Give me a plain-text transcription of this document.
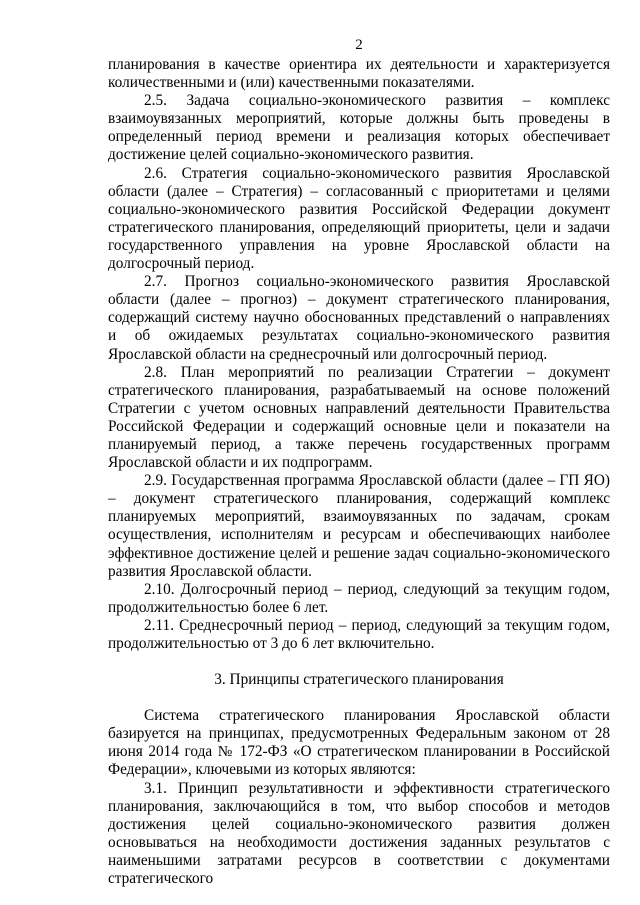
2

планирования в качестве ориентира их деятельности и характеризуется количественными и (или) качественными показателями.

2.5. Задача социально-экономического развития – комплекс взаимоувязанных мероприятий, которые должны быть проведены в определенный период времени и реализация которых обеспечивает достижение целей социально-экономического развития.

2.6. Стратегия социально-экономического развития Ярославской области (далее – Стратегия) – согласованный с приоритетами и целями социально-экономического развития Российской Федерации документ стратегического планирования, определяющий приоритеты, цели и задачи государственного управления на уровне Ярославской области на долгосрочный период.

2.7. Прогноз социально-экономического развития Ярославской области (далее – прогноз) – документ стратегического планирования, содержащий систему научно обоснованных представлений о направлениях и об ожидаемых результатах социально-экономического развития Ярославской области на среднесрочный или долгосрочный период.

2.8. План мероприятий по реализации Стратегии – документ стратегического планирования, разрабатываемый на основе положений Стратегии с учетом основных направлений деятельности Правительства Российской Федерации и содержащий основные цели и показатели на планируемый период, а также перечень государственных программ Ярославской области и их подпрограмм.

2.9. Государственная программа Ярославской области (далее – ГП ЯО) – документ стратегического планирования, содержащий комплекс планируемых мероприятий, взаимоувязанных по задачам, срокам осуществления, исполнителям и ресурсам и обеспечивающих наиболее эффективное достижение целей и решение задач социально-экономического развития Ярославской области.

2.10. Долгосрочный период – период, следующий за текущим годом, продолжительностью более 6 лет.

2.11. Среднесрочный период – период, следующий за текущим годом, продолжительностью от 3 до 6 лет включительно.

3. Принципы стратегического планирования

Система стратегического планирования Ярославской области базируется на принципах, предусмотренных Федеральным законом от 28 июня 2014 года № 172-ФЗ «О стратегическом планировании в Российской Федерации», ключевыми из которых являются:

3.1. Принцип результативности и эффективности стратегического планирования, заключающийся в том, что выбор способов и методов достижения целей социально-экономического развития должен основываться на необходимости достижения заданных результатов с наименьшими затратами ресурсов в соответствии с документами стратегического
